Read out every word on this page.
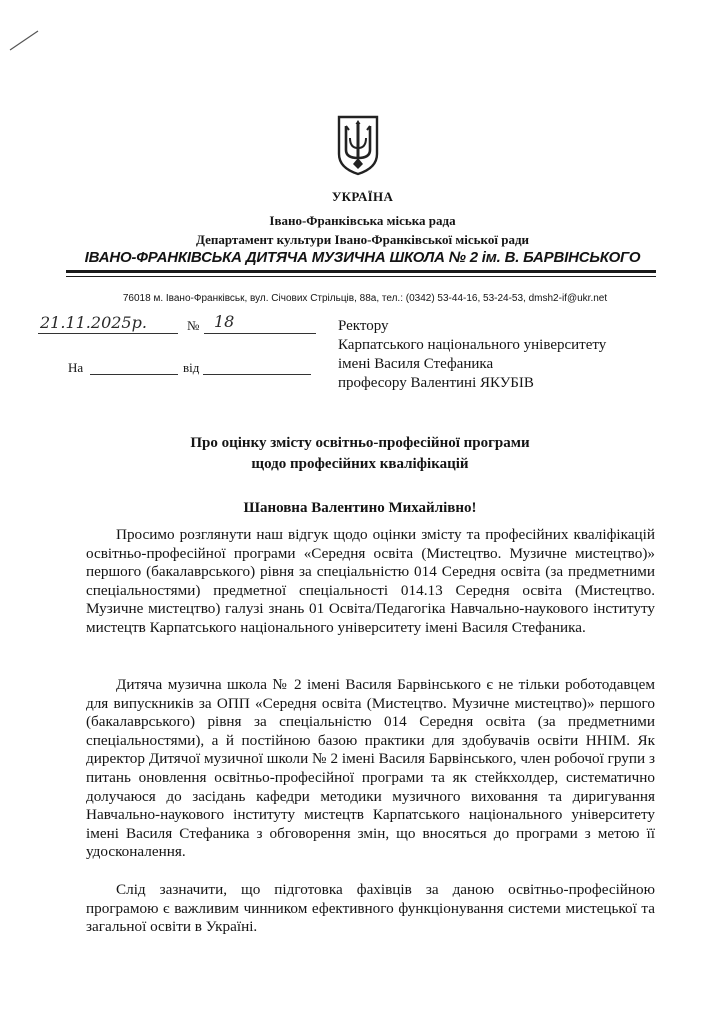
УКРАЇНА
Івано-Франківська міська рада
Департамент культури Івано-Франківської міської ради
ІВАНО-ФРАНКІВСЬКА ДИТЯЧА МУЗИЧНА ШКОЛА № 2 ім. В. БАРВІНСЬКОГО
76018 м. Івано-Франківськ, вул. Січових Стрільців, 88а, тел.: (0342) 53-44-16, 53-24-53, dmsh2-if@ukr.net
21.11.2025р.	№ 18
На	від
Ректору
Карпатського національного університету
імені Василя Стефаника
професору Валентині ЯКУБІВ
Про оцінку змісту освітньо-професійної програми
щодо професійних кваліфікацій
Шановна Валентино Михайлівно!

Просимо розглянути наш відгук щодо оцінки змісту та професійних кваліфікацій освітньо-професійної програми «Середня освіта (Мистецтво. Музичне мистецтво)» першого (бакалаврського) рівня за спеціальністю 014 Середня освіта (за предметними спеціальностями) предметної спеціальності 014.13 Середня освіта (Мистецтво. Музичне мистецтво) галузі знань 01 Освіта/Педагогіка Навчально-наукового інституту мистецтв Карпатського національного університету імені Василя Стефаника.

Дитяча музична школа № 2 імені Василя Барвінського є не тільки роботодавцем для випускників за ОПП «Середня освіта (Мистецтво. Музичне мистецтво)» першого (бакалаврського) рівня за спеціальністю 014 Середня освіта (за предметними спеціальностями), а й постійною базою практики для здобувачів освіти ННІМ. Як директор Дитячої музичної школи № 2 імені Василя Барвінського, член робочої групи з питань оновлення освітньо-професійної програми та як стейкхолдер, систематично долучаюся до засідань кафедри методики музичного виховання та диригування Навчально-наукового інституту мистецтв Карпатського національного університету імені Василя Стефаника з обговорення змін, що вносяться до програми з метою її удосконалення.

Слід зазначити, що підготовка фахівців за даною освітньо-професійною програмою є важливим чинником ефективного функціонування системи мистецької та загальної освіти в Україні.
